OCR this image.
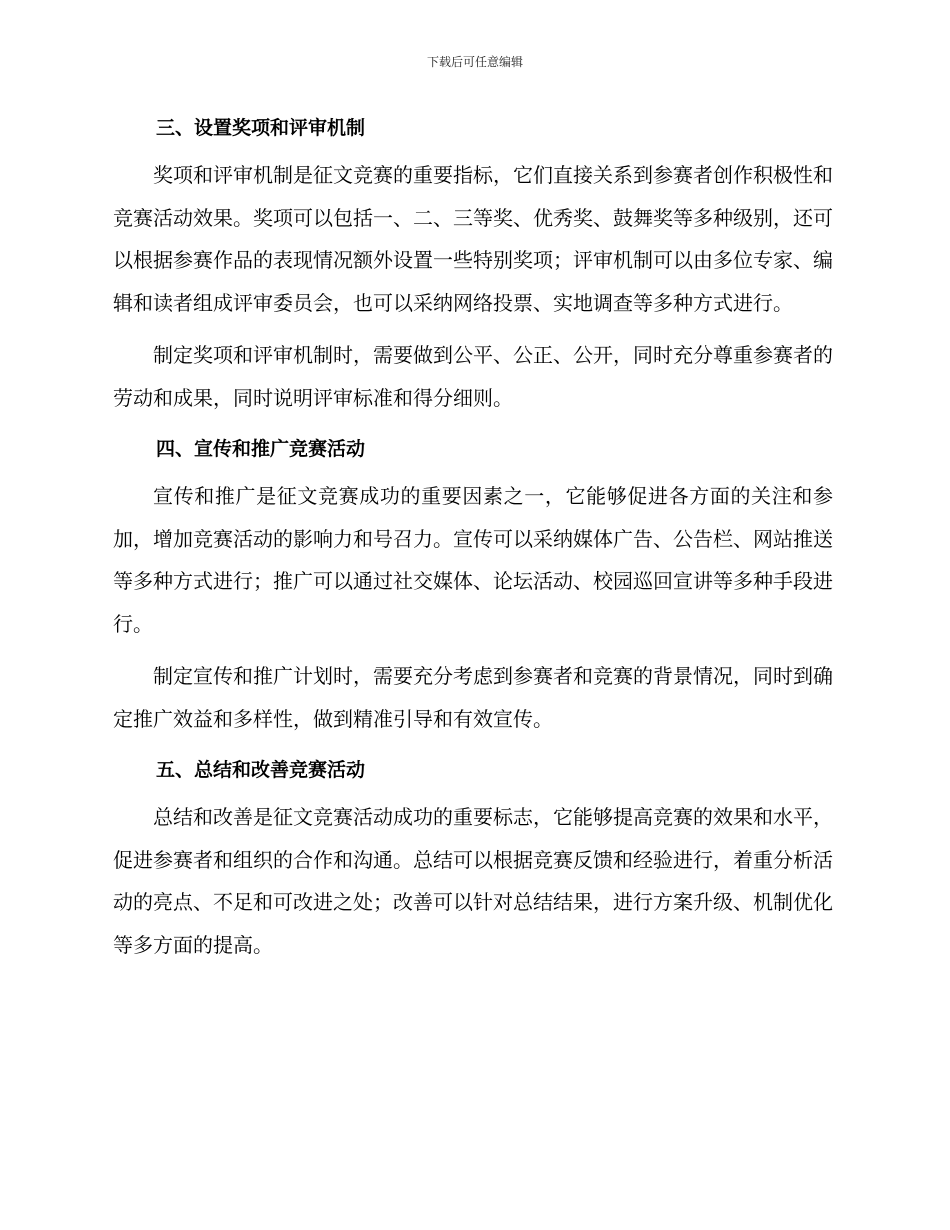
下载后可任意编辑
三、设置奖项和评审机制

奖项和评审机制是征文竞赛的重要指标，它们直接关系到参赛者创作积极性和竞赛活动效果。奖项可以包括一、二、三等奖、优秀奖、鼓舞奖等多种级别，还可以根据参赛作品的表现情况额外设置一些特别奖项；评审机制可以由多位专家、编辑和读者组成评审委员会，也可以采纳网络投票、实地调查等多种方式进行。

制定奖项和评审机制时，需要做到公平、公正、公开，同时充分尊重参赛者的劳动和成果，同时说明评审标准和得分细则。

四、宣传和推广竞赛活动

宣传和推广是征文竞赛成功的重要因素之一，它能够促进各方面的关注和参加，增加竞赛活动的影响力和号召力。宣传可以采纳媒体广告、公告栏、网站推送等多种方式进行；推广可以通过社交媒体、论坛活动、校园巡回宣讲等多种手段进行。

制定宣传和推广计划时，需要充分考虑到参赛者和竞赛的背景情况，同时到确定推广效益和多样性，做到精准引导和有效宣传。

五、总结和改善竞赛活动

总结和改善是征文竞赛活动成功的重要标志，它能够提高竞赛的效果和水平，促进参赛者和组织的合作和沟通。总结可以根据竞赛反馈和经验进行，着重分析活动的亮点、不足和可改进之处；改善可以针对总结结果，进行方案升级、机制优化等多方面的提高。
